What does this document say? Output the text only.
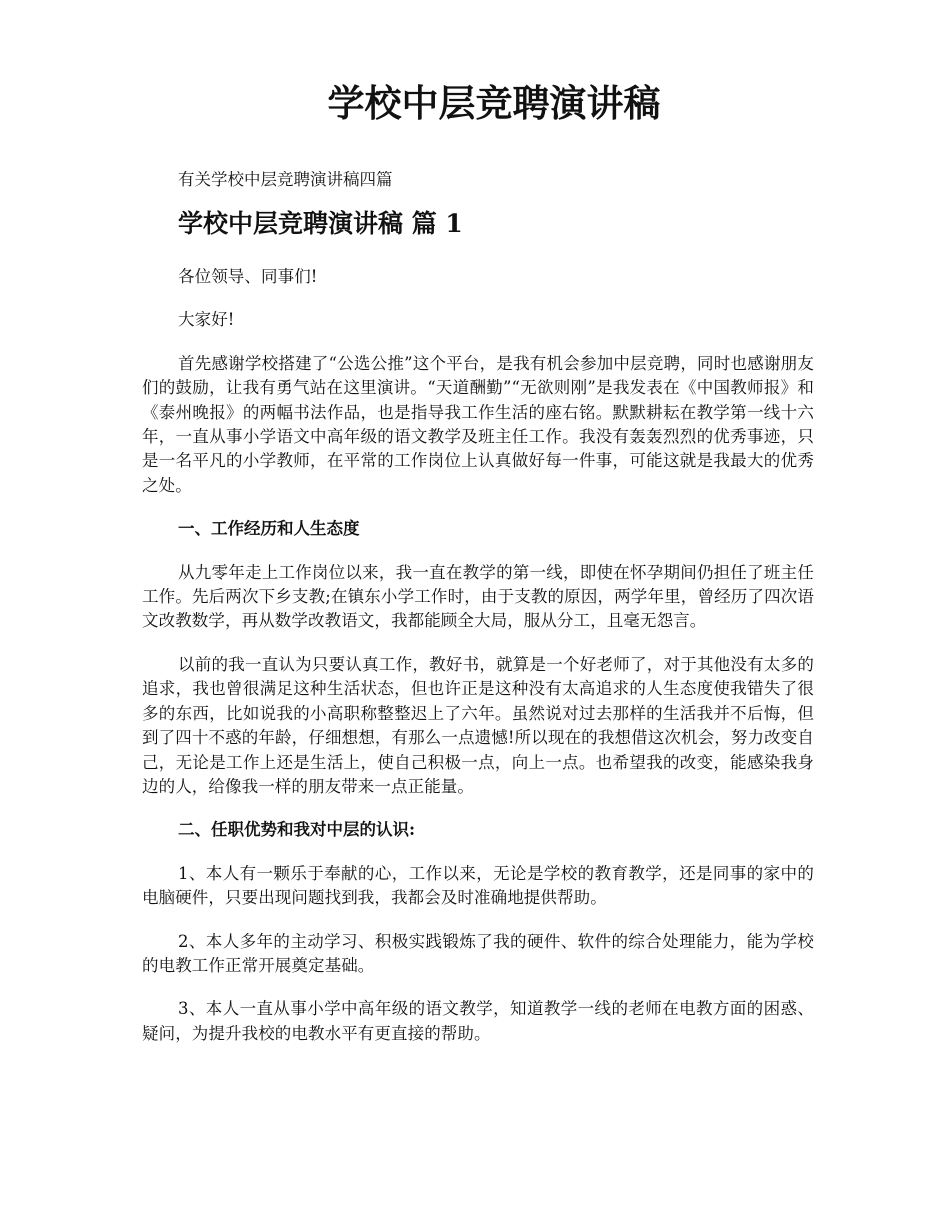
学校中层竞聘演讲稿

有关学校中层竞聘演讲稿四篇

学校中层竞聘演讲稿 篇 1

各位领导、同事们!

大家好!

首先感谢学校搭建了“公选公推”这个平台，是我有机会参加中层竞聘，同时也感谢朋友们的鼓励，让我有勇气站在这里演讲。“天道酬勤”“无欲则刚”是我发表在《中国教师报》和《泰州晚报》的两幅书法作品，也是指导我工作生活的座右铭。默默耕耘在教学第一线十六年，一直从事小学语文中高年级的语文教学及班主任工作。我没有轰轰烈烈的优秀事迹，只是一名平凡的小学教师，在平常的工作岗位上认真做好每一件事，可能这就是我最大的优秀之处。

一、工作经历和人生态度

从九零年走上工作岗位以来，我一直在教学的第一线，即使在怀孕期间仍担任了班主任工作。先后两次下乡支教;在镇东小学工作时，由于支教的原因，两学年里，曾经历了四次语文改教数学，再从数学改教语文，我都能顾全大局，服从分工，且毫无怨言。

以前的我一直认为只要认真工作，教好书，就算是一个好老师了，对于其他没有太多的追求，我也曾很满足这种生活状态，但也许正是这种没有太高追求的人生态度使我错失了很多的东西，比如说我的小高职称整整迟上了六年。虽然说对过去那样的生活我并不后悔，但到了四十不惑的年龄，仔细想想，有那么一点遗憾!所以现在的我想借这次机会，努力改变自己，无论是工作上还是生活上，使自己积极一点，向上一点。也希望我的改变，能感染我身边的人，给像我一样的朋友带来一点正能量。

二、任职优势和我对中层的认识:

1、本人有一颗乐于奉献的心，工作以来，无论是学校的教育教学，还是同事的家中的电脑硬件，只要出现问题找到我，我都会及时准确地提供帮助。

2、本人多年的主动学习、积极实践锻炼了我的硬件、软件的综合处理能力，能为学校的电教工作正常开展奠定基础。

3、本人一直从事小学中高年级的语文教学，知道教学一线的老师在电教方面的困惑、疑问，为提升我校的电教水平有更直接的帮助。
